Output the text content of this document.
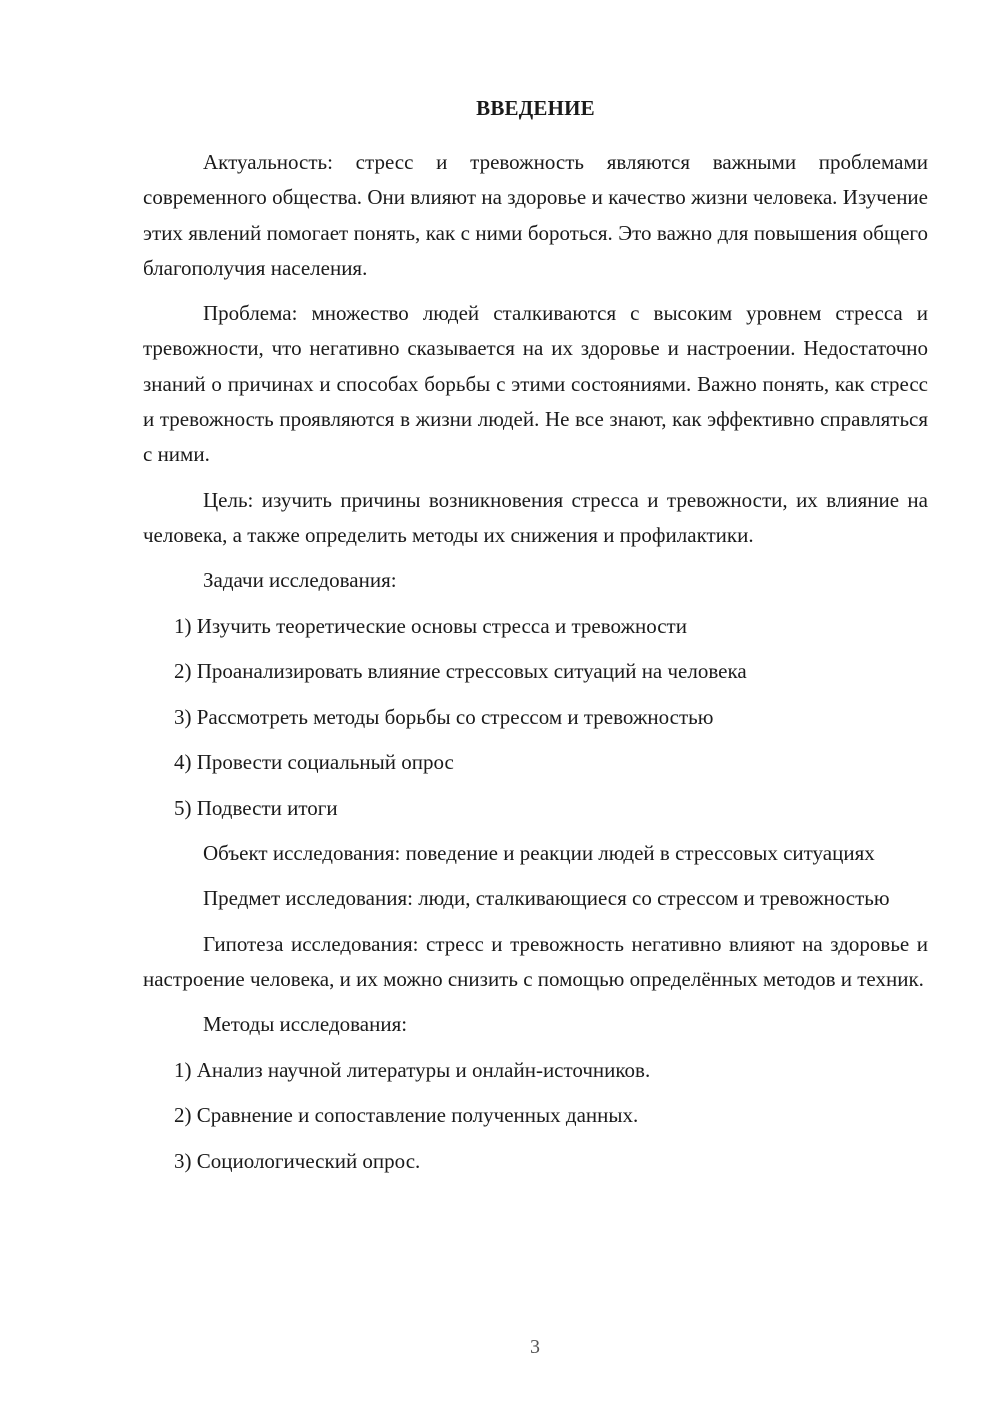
ВВЕДЕНИЕ

Актуальность: стресс и тревожность являются важными проблемами современного общества. Они влияют на здоровье и качество жизни человека. Изучение этих явлений помогает понять, как с ними бороться. Это важно для повышения общего благополучия населения.

Проблема: множество людей сталкиваются с высоким уровнем стресса и тревожности, что негативно сказывается на их здоровье и настроении. Недостаточно знаний о причинах и способах борьбы с этими состояниями. Важно понять, как стресс и тревожность проявляются в жизни людей. Не все знают, как эффективно справляться с ними.

Цель: изучить причины возникновения стресса и тревожности, их влияние на человека, а также определить методы их снижения и профилактики.

Задачи исследования:

1) Изучить теоретические основы стресса и тревожности

2) Проанализировать влияние стрессовых ситуаций на человека

3) Рассмотреть методы борьбы со стрессом и тревожностью

4) Провести социальный опрос

5) Подвести итоги

Объект исследования: поведение и реакции людей в стрессовых ситуациях

Предмет исследования: люди, сталкивающиеся со стрессом и тревожностью

Гипотеза исследования: стресс и тревожность негативно влияют на здоровье и настроение человека, и их можно снизить с помощью определённых методов и техник.

Методы исследования:

1) Анализ научной литературы и онлайн-источников.

2) Сравнение и сопоставление полученных данных.

3) Социологический опрос.

3
